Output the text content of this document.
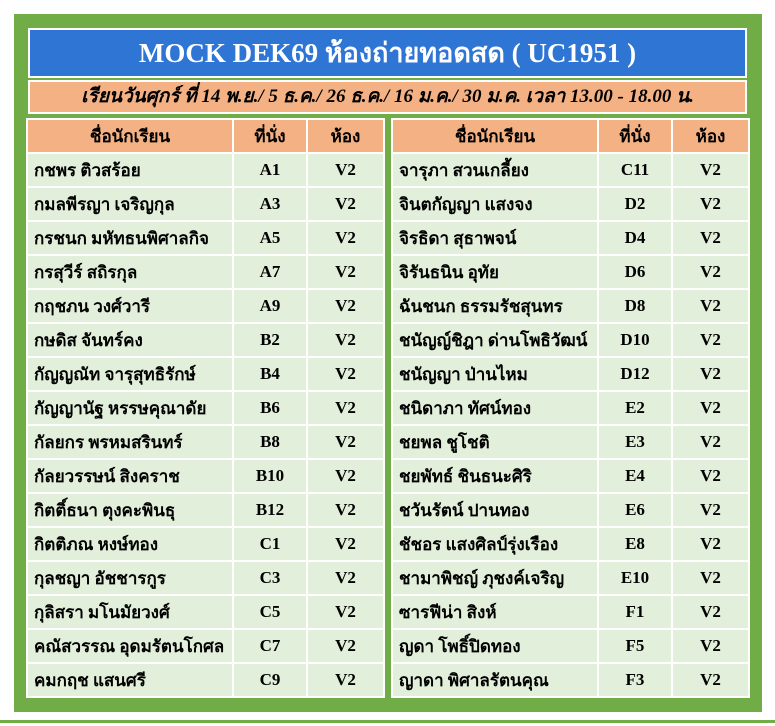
MOCK DEK69 ห้องถ่ายทอดสด ( UC1951 )
เรียนวันศุกร์ ที่ 14 พ.ย./ 5 ธ.ค./ 26 ธ.ค./ 16 ม.ค./ 30 ม.ค. เวลา 13.00 - 18.00 น.
ชื่อนักเรียน	ที่นั่ง	ห้อง
กชพร ติวสร้อย	A1	V2
กมลพีรญา เจริญกุล	A3	V2
กรชนก มหัทธนพิศาลกิจ	A5	V2
กรสุวีร์ สถิรกุล	A7	V2
กฤชภน วงศ์วารี	A9	V2
กษดิส จันทร์คง	B2	V2
กัญญณัท จารุสุทธิรักษ์	B4	V2
กัญญานัฐ หรรษคุณาดัย	B6	V2
กัลยกร พรหมสรินทร์	B8	V2
กัลยวรรษน์ สิงคราช	B10	V2
กิตติ์ธนา ตุงคะพินธุ	B12	V2
กิตติภณ หงษ์ทอง	C1	V2
กุลชญา อัชชารกูร	C3	V2
กุลิสรา มโนมัยวงศ์	C5	V2
คณัสวรรณ อุดมรัตนโกศล	C7	V2
คมกฤช แสนศรี	C9	V2
ชื่อนักเรียน	ที่นั่ง	ห้อง
จารุภา สวนเกลี้ยง	C11	V2
จินตกัญญา แสงจง	D2	V2
จิรธิดา สุธาพจน์	D4	V2
จิรันธนิน อุทัย	D6	V2
ฉันชนก ธรรมรัชสุนทร	D8	V2
ชนัญญ์ชิฎา ด่านโพธิวัฒน์	D10	V2
ชนัญญา ป่านไหม	D12	V2
ชนิดาภา ทัศน์ทอง	E2	V2
ชยพล ชูโชติ	E3	V2
ชยพัทธ์ ชินธนะศิริ	E4	V2
ชวันรัตน์ ปานทอง	E6	V2
ชัชอร แสงศิลป์รุ่งเรือง	E8	V2
ชามาพิชญ์ ภุชงค์เจริญ	E10	V2
ซารฟีน่า สิงห์	F1	V2
ญดา โพธิ์ปิดทอง	F5	V2
ญาดา พิศาลรัตนคุณ	F3	V2
